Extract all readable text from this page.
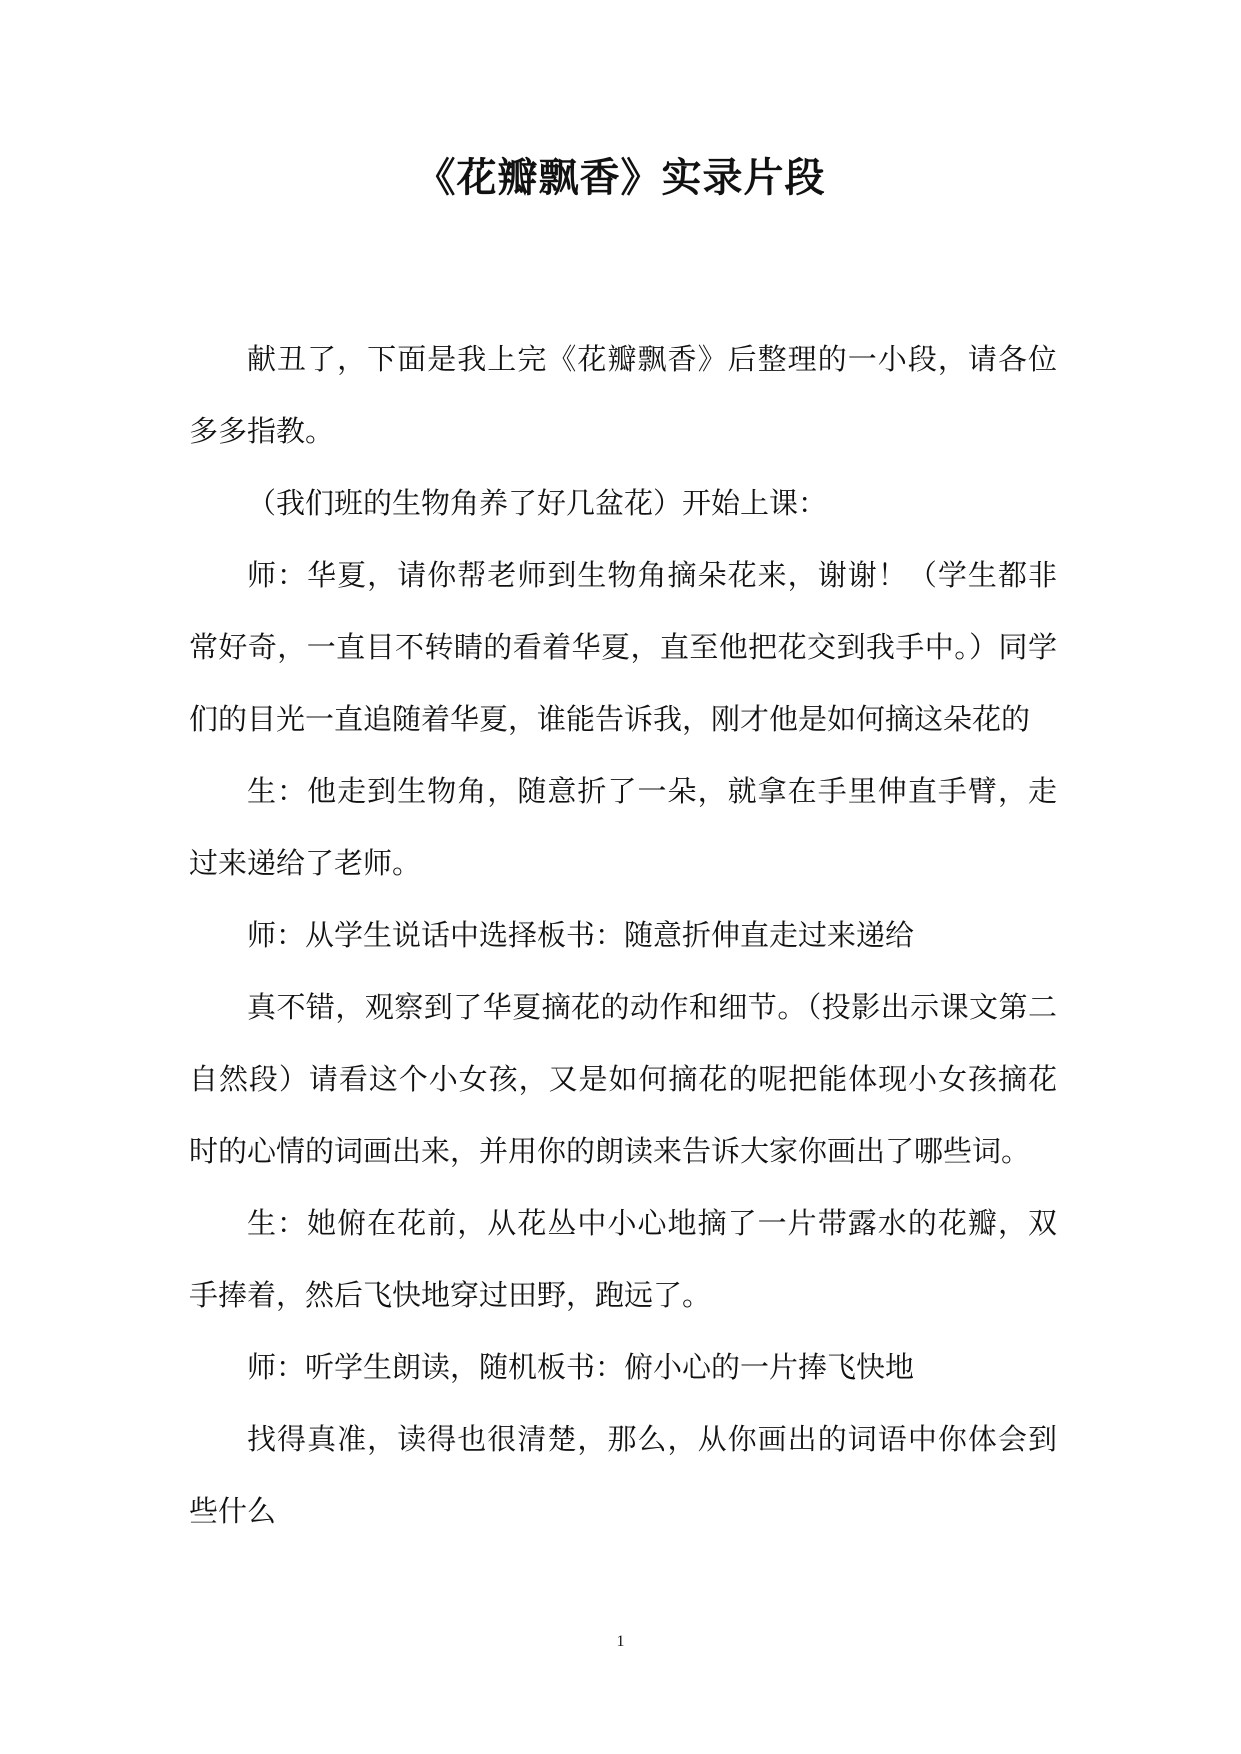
《花瓣飘香》实录片段

献丑了，下面是我上完《花瓣飘香》后整理的一小段，请各位多多指教。

（我们班的生物角养了好几盆花）开始上课：

师：华夏，请你帮老师到生物角摘朵花来，谢谢！（学生都非常好奇，一直目不转睛的看着华夏，直至他把花交到我手中。）同学们的目光一直追随着华夏，谁能告诉我，刚才他是如何摘这朵花的

生：他走到生物角，随意折了一朵，就拿在手里伸直手臂，走过来递给了老师。

师：从学生说话中选择板书：随意折伸直走过来递给

真不错，观察到了华夏摘花的动作和细节。（投影出示课文第二自然段）请看这个小女孩，又是如何摘花的呢把能体现小女孩摘花时的心情的词画出来，并用你的朗读来告诉大家你画出了哪些词。

生：她俯在花前，从花丛中小心地摘了一片带露水的花瓣，双手捧着，然后飞快地穿过田野，跑远了。

师：听学生朗读，随机板书：俯小心的一片捧飞快地

找得真准，读得也很清楚，那么，从你画出的词语中你体会到些什么

1
